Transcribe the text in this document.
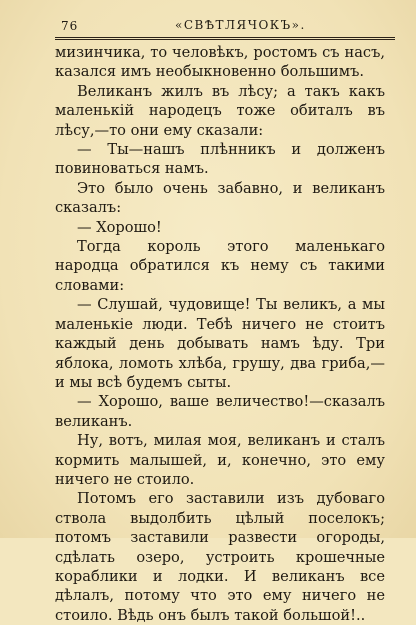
76	«СВѢТЛЯЧОКЪ».

мизинчика, то человѣкъ, ростомъ съ насъ, казался имъ необыкновенно большимъ.

Великанъ жилъ въ лѣсу; а такъ какъ маленькій народецъ тоже обиталъ въ лѣсу,—то они ему сказали:

— Ты—нашъ плѣнникъ и долженъ повиноваться намъ.

Это было очень забавно, и великанъ сказалъ:

— Хорошо!

Тогда король этого маленькаго народца обратился къ нему съ такими словами:

— Слушай, чудовище! Ты великъ, а мы маленькіе люди. Тебѣ ничего не стоитъ каждый день добывать намъ ѣду. Три яблока, ломоть хлѣба, грушу, два гриба,—и мы всѣ будемъ сыты.

— Хорошо, ваше величество!—сказалъ великанъ.

Ну, вотъ, милая моя, великанъ и сталъ кормить малышей, и, конечно, это ему ничего не стоило.

Потомъ его заставили изъ дубоваго ствола выдолбить цѣлый поселокъ; потомъ заставили развести огороды, сдѣлать озеро, устроить крошечные кораблики и лодки. И великанъ все дѣлалъ, потому что это ему ничего не стоило. Вѣдь онъ былъ такой большой!..
